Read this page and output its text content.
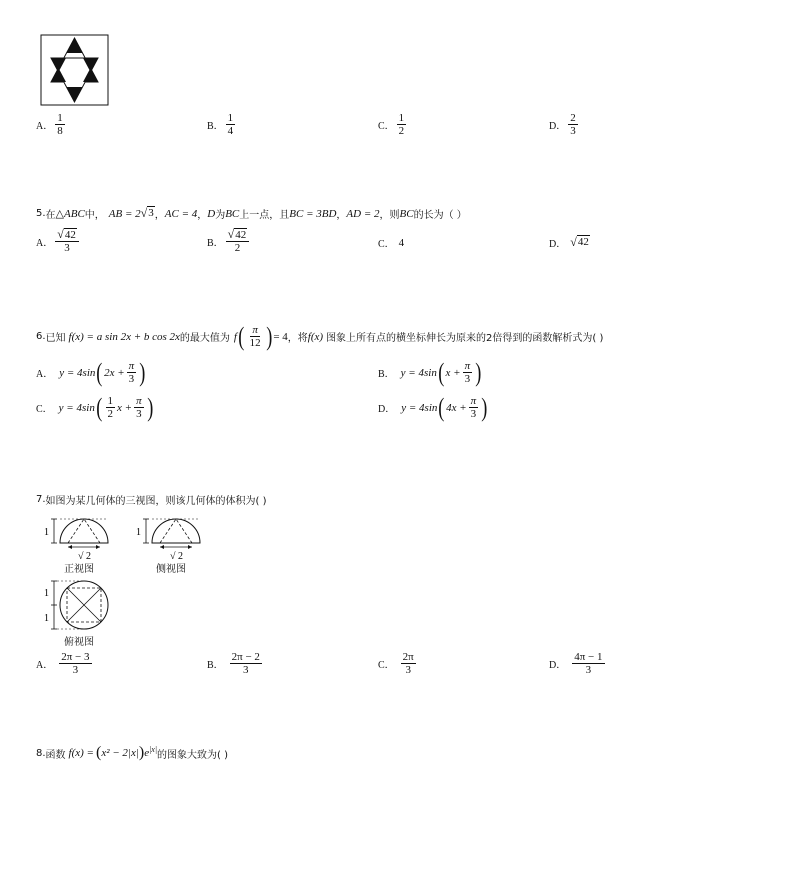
A． $\frac{1}{8}$	B． $\frac{1}{4}$	C． $\frac{1}{2}$	D． $\frac{2}{3}$
5. 在 △ABC 中， AB = 2 √ 3 ， AC = 4 ， D 为 BC 上一点，且 BC = 3BD ， AD = 2 ，则 BC 的长为（ ）
A． $\frac{√ 42}{3}$	B． $\frac{√ 42}{2}$	C． 4	D． √ 42
6. 已知 f(x) = a sin 2x + b cos 2x 的最大值为 f ( $\frac{\pi}{12}$ ) = 4 ，将 f(x) 图象上所有点的横坐标伸长为原来的2倍得到的函数解析式为( )
A． y = 4sin ( $2x + \frac{\pi}{3}$ )	B． y = 4sin ( $x + \frac{\pi}{3}$ )
C． y = 4sin ( $\frac{1}{2}$ $x + \frac{\pi}{3}$ )	D． y = 4sin ( $4x + \frac{\pi}{3}$ )
7. 如图为某几何体的三视图，则该几何体的体积为( )
1
√ 2
正视图
1
√ 2
侧视图
1
1
俯视图
A． $\frac{2\pi - 3}{3}$	B． $\frac{2\pi - 2}{3}$	C． $\frac{2\pi}{3}$	D． $\frac{4\pi - 1}{3}$
8. 函数 f(x) = ( x² − 2|x| ) $e^{|x|}$
的图象大致为( )
